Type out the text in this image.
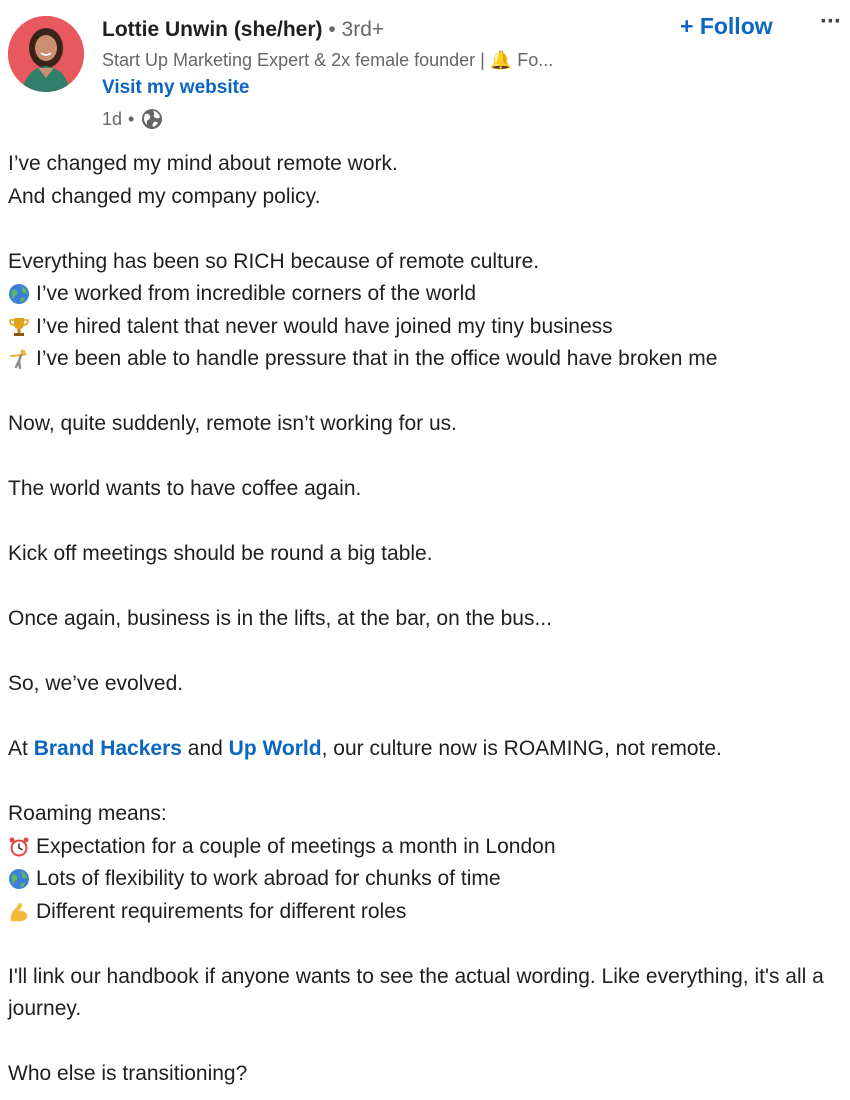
Lottie Unwin (she/her) • 3rd+
Start Up Marketing Expert & 2x female founder | 🔔 Fo...
Visit my website
1d •
+ Follow ···

I’ve changed my mind about remote work.

And changed my company policy.

Everything has been so RICH because of remote culture.

I’ve worked from incredible corners of the world
I’ve hired talent that never would have joined my tiny business
I’ve been able to handle pressure that in the office would have broken me

Now, quite suddenly, remote isn’t working for us.

The world wants to have coffee again.

Kick off meetings should be round a big table.

Once again, business is in the lifts, at the bar, on the bus...

So, we’ve evolved.

At Brand Hackers and Up World, our culture now is ROAMING, not remote.

Roaming means:

Expectation for a couple of meetings a month in London
Lots of flexibility to work abroad for chunks of time
Different requirements for different roles

I'll link our handbook if anyone wants to see the actual wording. Like everything, it's all a journey.

Who else is transitioning?
